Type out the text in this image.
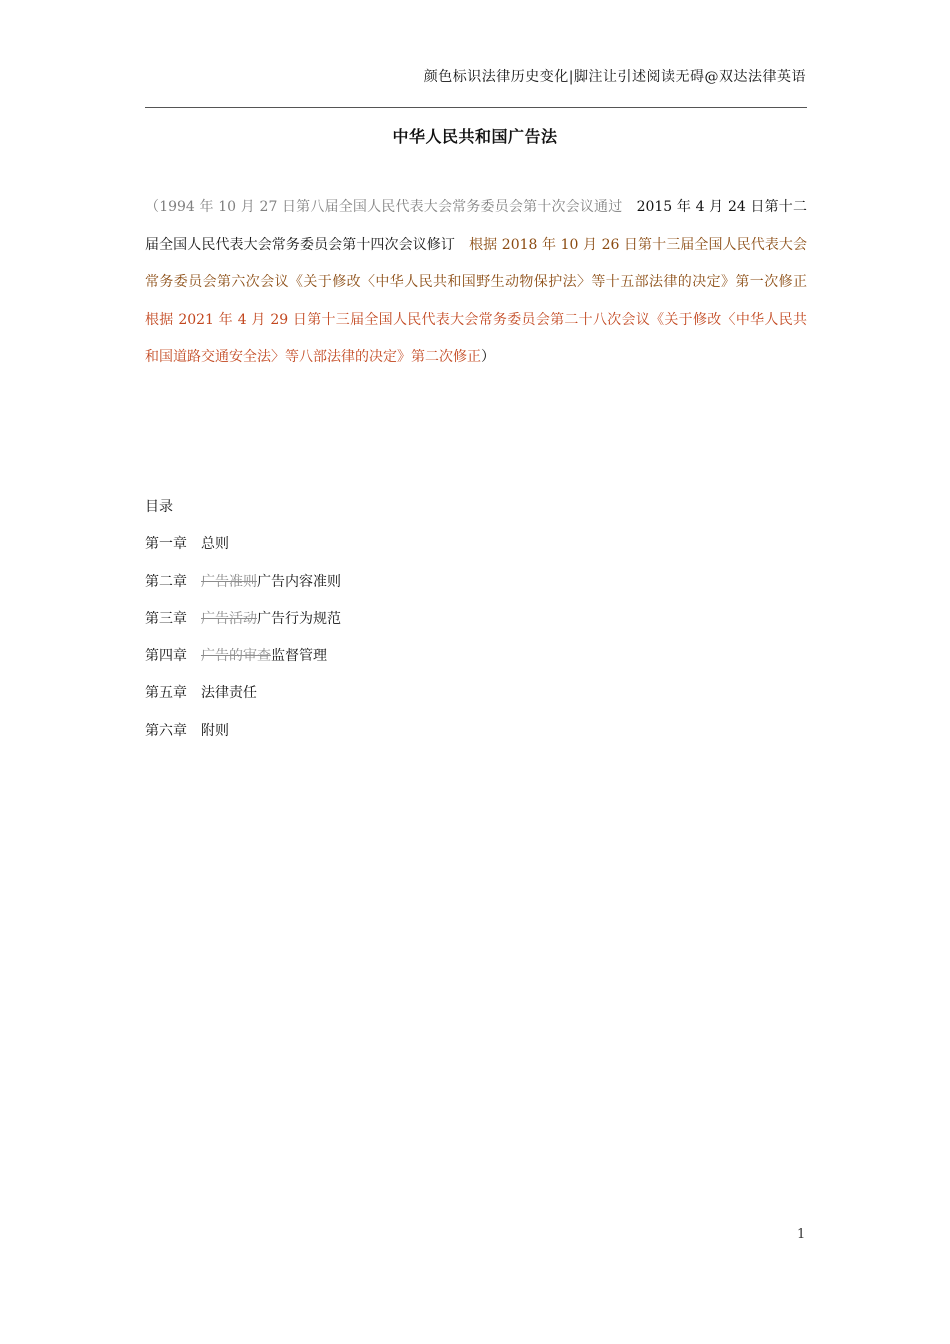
颜色标识法律历史变化|脚注让引述阅读无碍@双达法律英语
中华人民共和国广告法
（1994 年 10 月 27 日第八届全国人民代表大会常务委员会第十次会议通过　 2015 年 4 月 24 日第十二届全国人民代表大会常务委员会第十四次会议修订　 根据 2018 年 10 月 26 日第十三届全国人民代表大会常务委员会第六次会议《关于修改〈中华人民共和国野生动物保护法〉等十五部法律的决定》第一次修正　根据 2021 年 4 月 29 日第十三届全国人民代表大会常务委员会第二十八次会议《关于修改〈中华人民共和国道路交通安全法〉等八部法律的决定》第二次修正）
目录
第一章 总则
第二章 广告准则广告内容准则
第三章 广告活动广告行为规范
第四章 广告的审查监督管理
第五章 法律责任
第六章 附则
1
